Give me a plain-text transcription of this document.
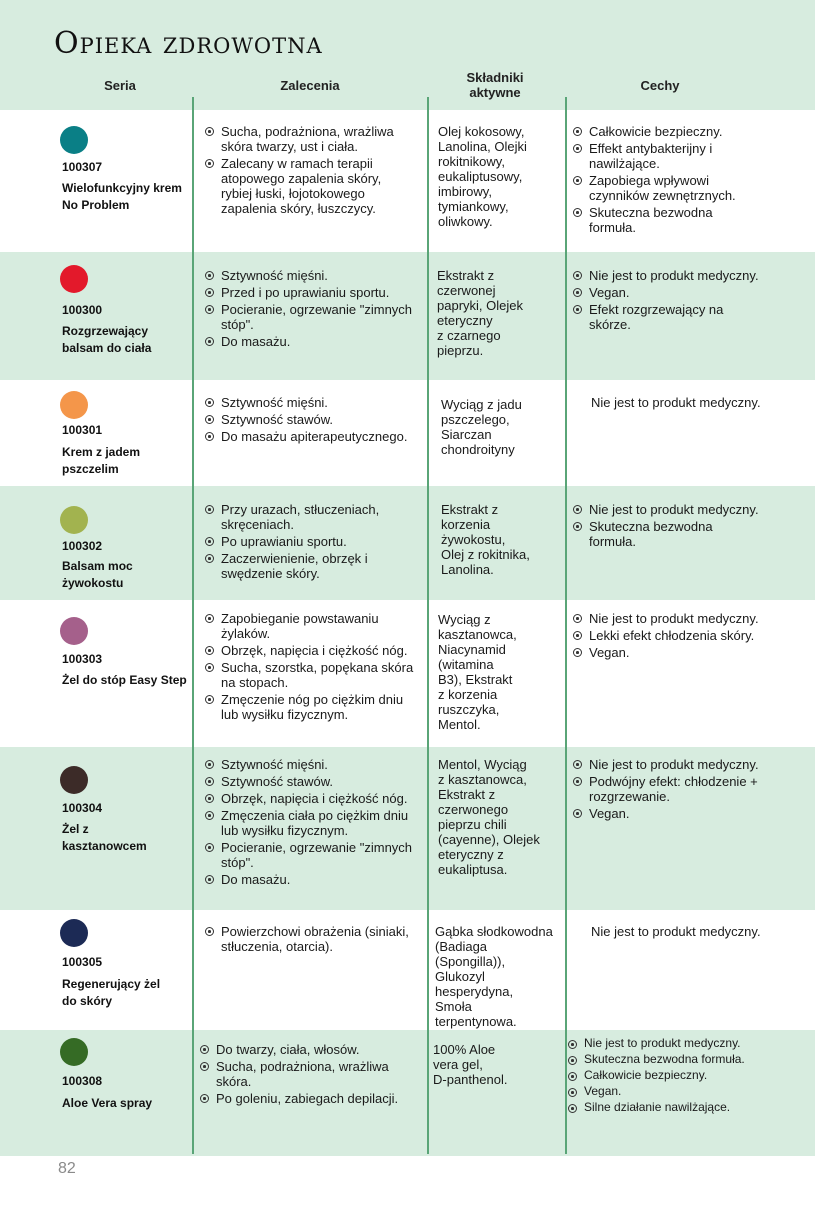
Opieka zdrowotna
Seria	Zalecenia
Składniki
aktywne	Cechy
100307
Wielofunkcyjny krem No Problem
Sucha, podrażniona, wrażliwa skóra twarzy, ust i ciała.
Zalecany w ramach terapii atopowego zapalenia skóry, rybiej łuski, łojotokowego zapalenia skóry, łuszczycy.
Olej kokosowy,
Lanolina, Olejki
rokitnikowy,
eukaliptusowy,
imbirowy,
tymiankowy,
oliwkowy.
Całkowicie bezpieczny.
Effekt antybakterijny i nawilżające.
Zapobiega wpływowi czynników zewnętrznych.
Skuteczna bezwodna formuła.
100300
Rozgrzewający balsam do ciała
Sztywność mięśni.
Przed i po uprawianiu sportu.
Pocieranie, ogrzewanie "zimnych stóp".
Do masażu.
Ekstrakt z
czerwonej
papryki, Olejek
eteryczny
z czarnego
pieprzu.
Nie jest to produkt medyczny.
Vegan.
Efekt rozgrzewający na skórze.
100301
Krem z jadem pszczelim
Sztywność mięśni.
Sztywność stawów.
Do masażu apiterapeutycznego.
Wyciąg z jadu
pszczelego,
Siarczan
chondroityny
Nie jest to produkt medyczny.
100302
Balsam moc żywokostu
Przy urazach, stłuczeniach, skręceniach.
Po uprawianiu sportu.
Zaczerwienienie, obrzęk i swędzenie skóry.
Ekstrakt z
korzenia
żywokostu,
Olej z rokitnika,
Lanolina.
Nie jest to produkt medyczny.
Skuteczna bezwodna formuła.
100303
Żel do stóp Easy Step
Zapobieganie powstawaniu żylaków.
Obrzęk, napięcia i ciężkość nóg.
Sucha, szorstka, popękana skóra na stopach.
Zmęczenie nóg po ciężkim dniu lub wysiłku fizycznym.
Wyciąg z
kasztanowca,
Niacynamid
(witamina
B3), Ekstrakt
z korzenia
ruszczyka,
Mentol.
Nie jest to produkt medyczny.
Lekki efekt chłodzenia skóry.
Vegan.
100304
Żel z kasztanowcem
Sztywność mięśni.
Sztywność stawów.
Obrzęk, napięcia i ciężkość nóg.
Zmęczenia ciała po ciężkim dniu lub wysiłku fizycznym.
Pocieranie, ogrzewanie "zimnych stóp".
Do masażu.
Mentol, Wyciąg
z kasztanowca,
Ekstrakt z
czerwonego
pieprzu chili
(cayenne), Olejek
eteryczny z
eukaliptusa.
Nie jest to produkt medyczny.
Podwójny efekt: chłodzenie + rozgrzewanie.
Vegan.
100305
Regenerujący żel do skóry
Powierzchowi obrażenia (siniaki, stłuczenia, otarcia).
Gąbka słodkowodna
(Badiaga
(Spongilla)),
Glukozyl
hesperydyna,
Smoła
terpentynowa.
Nie jest to produkt medyczny.
100308
Aloe Vera spray
Do twarzy, ciała, włosów.
Sucha, podrażniona, wrażliwa skóra.
Po goleniu, zabiegach depilacji.
100% Aloe
vera gel,
D-panthenol.
Nie jest to produkt medyczny.
Skuteczna bezwodna formuła.
Całkowicie bezpieczny.
Vegan.
Silne działanie nawilżające.
82
